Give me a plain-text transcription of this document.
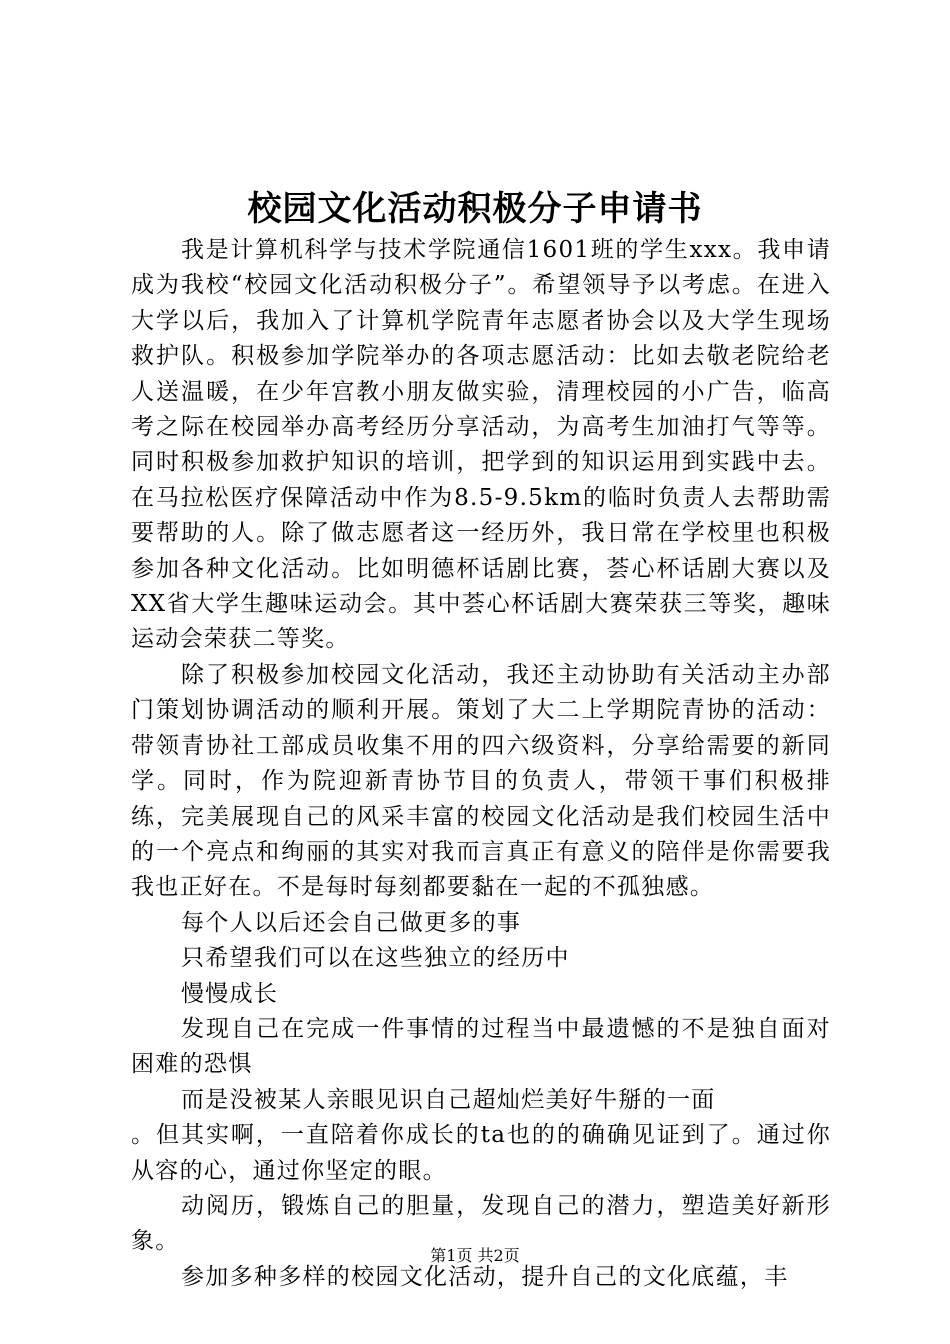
校园文化活动积极分子申请书

我是计算机科学与技术学院通信1601班的学生xxx。我申请成为我校“校园文化活动积极分子”。希望领导予以考虑。在进入大学以后，我加入了计算机学院青年志愿者协会以及大学生现场救护队。积极参加学院举办的各项志愿活动：比如去敬老院给老人送温暖，在少年宫教小朋友做实验，清理校园的小广告，临高考之际在校园举办高考经历分享活动，为高考生加油打气等等。同时积极参加救护知识的培训，把学到的知识运用到实践中去。在马拉松医疗保障活动中作为8.5-9.5km的临时负责人去帮助需要帮助的人。除了做志愿者这一经历外，我日常在学校里也积极参加各种文化活动。比如明德杯话剧比赛，荟心杯话剧大赛以及XX省大学生趣味运动会。其中荟心杯话剧大赛荣获三等奖，趣味运动会荣获二等奖。

除了积极参加校园文化活动，我还主动协助有关活动主办部门策划协调活动的顺利开展。策划了大二上学期院青协的活动：带领青协社工部成员收集不用的四六级资料，分享给需要的新同学。同时，作为院迎新青协节目的负责人，带领干事们积极排练，完美展现自己的风采丰富的校园文化活动是我们校园生活中的一个亮点和绚丽的其实对我而言真正有意义的陪伴是你需要我我也正好在。不是每时每刻都要黏在一起的不孤独感。

每个人以后还会自己做更多的事

只希望我们可以在这些独立的经历中

慢慢成长

发现自己在完成一件事情的过程当中最遗憾的不是独自面对困难的恐惧

而是没被某人亲眼见识自己超灿烂美好牛掰的一面

。但其实啊，一直陪着你成长的ta也的的确确见证到了。通过你从容的心，通过你坚定的眼。

动阅历，锻炼自己的胆量，发现自己的潜力，塑造美好新形象。

参加多种多样的校园文化活动，提升自己的文化底蕴，丰

第1页 共2页
